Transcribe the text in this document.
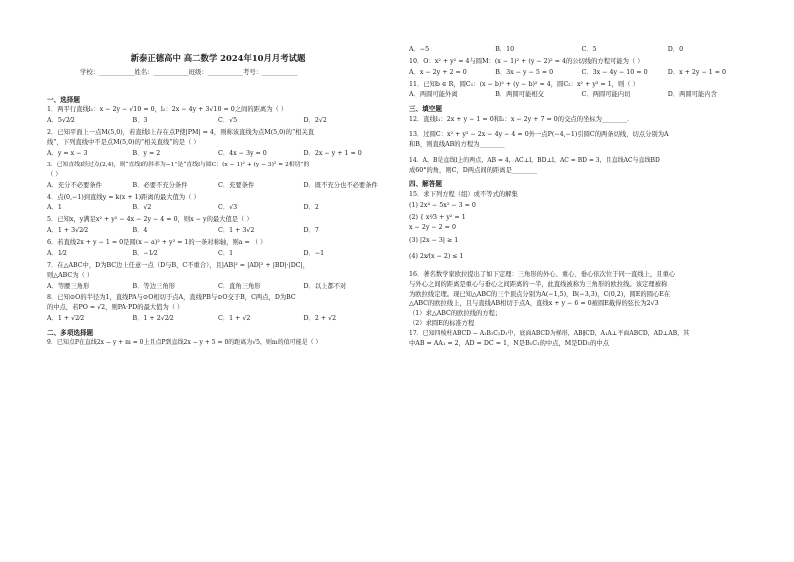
新泰正德高中 高二数学 2024年10月月考试题
学校：___________姓名：___________班级：___________考号：___________
一、选择题
1．两平行直线l₁：x − 2y − √10 = 0，l₂：2x − 4y + 3√10 = 0之间的距离为（ ）
A．5√2⁄2	B．3	C．√5	D．2√2
2．已知平面上一点M(5,0)，若直线l上存在点P使|PM| = 4，则称该直线为点M(5,0)的“相关直
线”，下列直线中不是点M(5,0)的“相关直线”的是（ ）
A．y = x − 3	B．y = 2	C．4x − 3y = 0	D．2x − y + 1 = 0
3．已知直线l经过点(2,4)，则“直线l的斜率为−1”是“直线l与圆C：(x − 1)² + (y − 3)² = 2相切”的
（ ）
A．充分不必要条件	B．必要不充分条件	C．充要条件	D．既不充分也不必要条件
4．点(0,−1)到直线y = k(x + 1)距离的最大值为（ ）
A．1	B．√2	C．√3	D．2
5．已知x，y满足x² + y² − 4x − 2y − 4 = 0，则x − y的最大值是（ ）
A．1 + 3√2⁄2	B．4	C．1 + 3√2	D．7
6．若直线2x + y − 1 = 0是圆(x − a)² + y² = 1的一条对称轴，则a = （ ）
A．1⁄2	B．−1⁄2	C．1	D．−1
7．在△ABC中，D为BC边上任意一点（D与B，C不重合），且|AB|² = |AD|² + |BD|·|DC|，
则△ABC为（ ）
A．等腰三角形	B．等边三角形	C．直角三角形	D．以上都不对
8．已知⊙O的半径为1，直线PA与⊙O相切于点A，直线PB与⊙O交于B，C两点，D为BC
的中点，若PO = √2，则PA·PD的最大值为（ ）
A．1 + √2⁄2	B．1 + 2√2⁄2	C．1 + √2	D．2 + √2
二、多项选择题
9．已知点P在直线2x − y + m = 0上且点P到直线2x − y + 5 = 0的距离为√5，则m的值可能是（ ）
A．−5	B．10	C．5	D．0
10．O：x² + y² = 4与圆M：(x − 1)² + (y − 2)² = 4的公切线的方程可能为（ ）
A．x − 2y + 2 = 0	B．3x − y − 5 = 0	C．3x − 4y − 10 = 0	D．x + 2y − 1 = 0
11．已知b ∈ R，圆C₁：(x − b)² + (y − b)² = 4，圆C₂：x² + y² = 1，则（ ）
A．两圆可能外离	B．两圆可能相交	C．两圆可能内切	D．两圆可能内含
三、填空题
12．直线l₁：2x + y − 1 = 0和l₂：x − 2y + 7 = 0的交点的坐标为________．
13．过圆C：x² + y² − 2x − 4y − 4 = 0外一点P(−4,−1)引圆C的两条切线，切点分别为A
和B，则直线AB的方程为________
14．A，B是直线l上的两点，AB = 4，AC⊥l，BD⊥l，AC = BD = 3，且直线AC与直线BD
成60°的角，则C，D两点间的距离是________
四、解答题
15．求下列方程（组）或不等式的解集
(1) 2x⁴ − 5x² − 3 = 0
(2) { x²⁄3 + y² = 1
x − 2y − 2 = 0
(3) |2x − 3| ≥ 1
(4) 2x⁄(x − 2) ≤ 1
16．著名数学家欧拉提出了如下定理：三角形的外心、重心、垂心依次位于同一直线上，且重心
与外心之间的距离是重心与垂心之间距离的一半，此直线被称为三角形的欧拉线。该定理被称
为欧拉线定理。现已知△ABC的三个顶点分别为A(−1,5)，B(−3,3)，C(0,2)，圆E的圆心E在
△ABC的欧拉线上，且与直线AB相切于点A，直线x + y − 6 = 0被圆E截得的弦长为2√3
（1）求△ABC的欧拉线的方程；
（2）求圆E的标准方程
17．已知四棱柱ABCD − A₁B₁C₁D₁中，底面ABCD为梯形，AB∥CD，A₁A⊥平面ABCD，AD⊥AB，其
中AB = AA₁ = 2，AD = DC = 1，N是B₁C₁的中点，M是DD₁的中点
